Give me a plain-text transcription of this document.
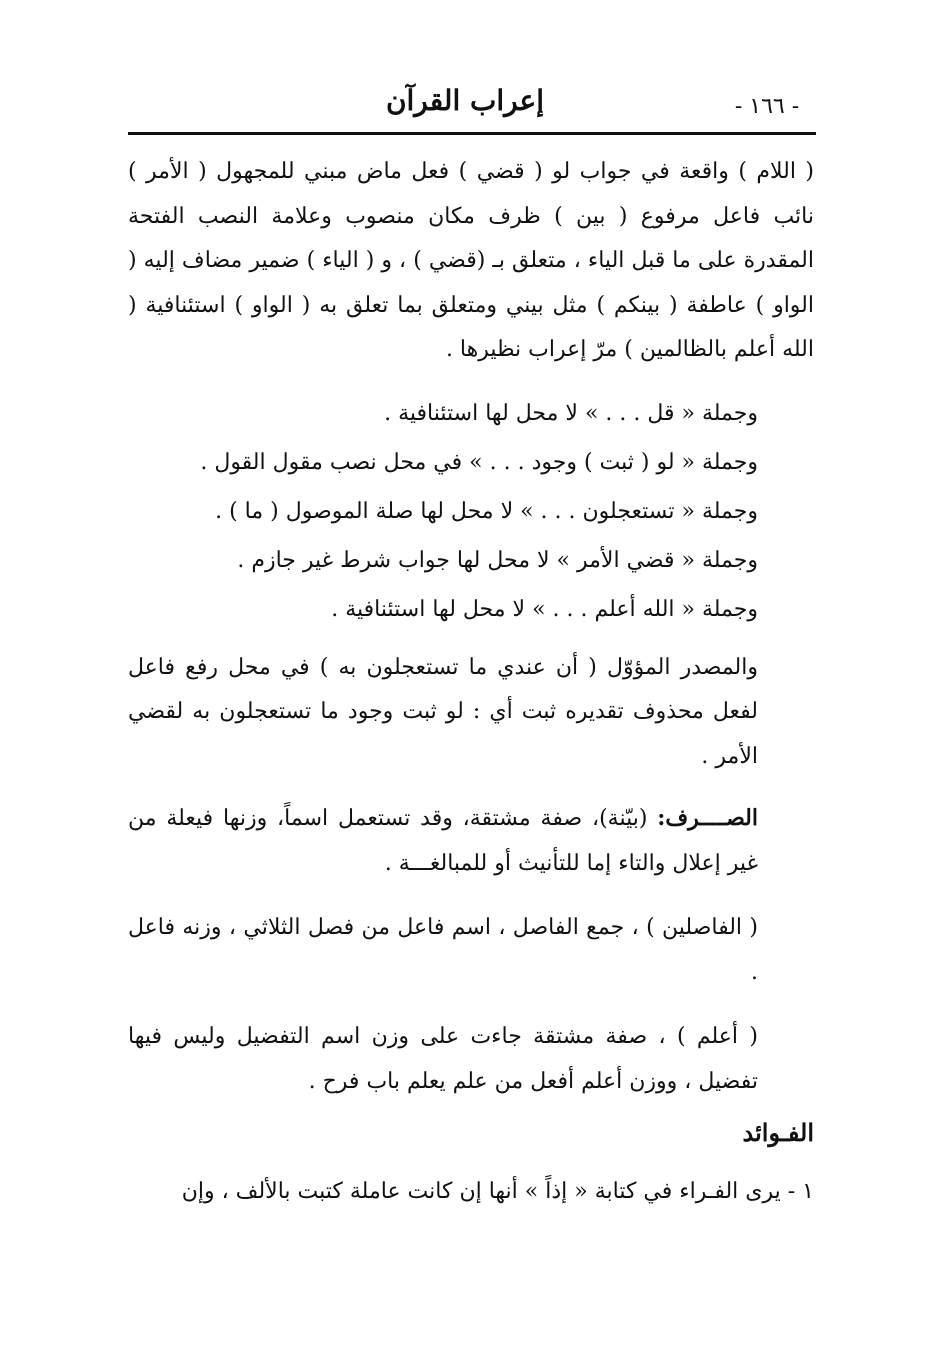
- ١٦٦ -
إعراب القرآن

( اللام ) واقعة في جواب لو ( قضي ) فعل ماض مبني للمجهول ( الأمر ) نائب فاعل مرفوع ( بين ) ظرف مكان منصوب وعلامة النصب الفتحة المقدرة على ما قبل الياء ، متعلق بـ (قضي ) ، و ( الياء ) ضمير مضاف إليه ( الواو ) عاطفة ( بينكم ) مثل بيني ومتعلق بما تعلق به ( الواو ) استئنافية ( الله أعلم بالظالمين ) مرّ إعراب نظيرها .

وجملة « قل . . . » لا محل لها استئنافية .
وجملة « لو ( ثبت ) وجود . . . » في محل نصب مقول القول .
وجملة « تستعجلون . . . » لا محل لها صلة الموصول ( ما ) .
وجملة « قضي الأمر » لا محل لها جواب شرط غير جازم .
وجملة « الله أعلم . . . » لا محل لها استئنافية .

والمصدر المؤوّل ( أن عندي ما تستعجلون به ) في محل رفع فاعل لفعل محذوف تقديره ثبت أي : لو ثبت وجود ما تستعجلون به لقضي الأمر .

الصــــرف: (بيّنة)، صفة مشتقة، وقد تستعمل اسماً، وزنها فيعلة من غير إعلال والتاء إما للتأنيث أو للمبالغـــة .

( الفاصلين ) ، جمع الفاصل ، اسم فاعل من فصل الثلاثي ، وزنه فاعل .

( أعلم ) ، صفة مشتقة جاءت على وزن اسم التفضيل وليس فيها تفضيل ، ووزن أعلم أفعل من علم يعلم باب فرح .

الفـوائد

١ - يرى الفـراء في كتابة « إذاً » أنها إن كانت عاملة كتبت بالألف ، وإن
